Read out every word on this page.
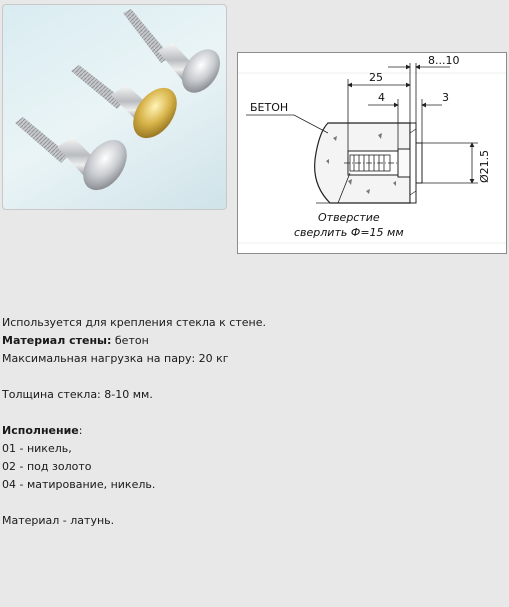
БЕТОН
25
8...10
4	3
Ø21.5
Отверстие
сверлить Ф=15 мм
Используется для крепления стекла к стене.
Материал стены: бетон
Максимальная нагрузка на пару: 20 кг
Толщина стекла: 8-10 мм.
Исполнение:
01 - никель,
02 - под золото
04 - матирование, никель.
Материал - латунь.
